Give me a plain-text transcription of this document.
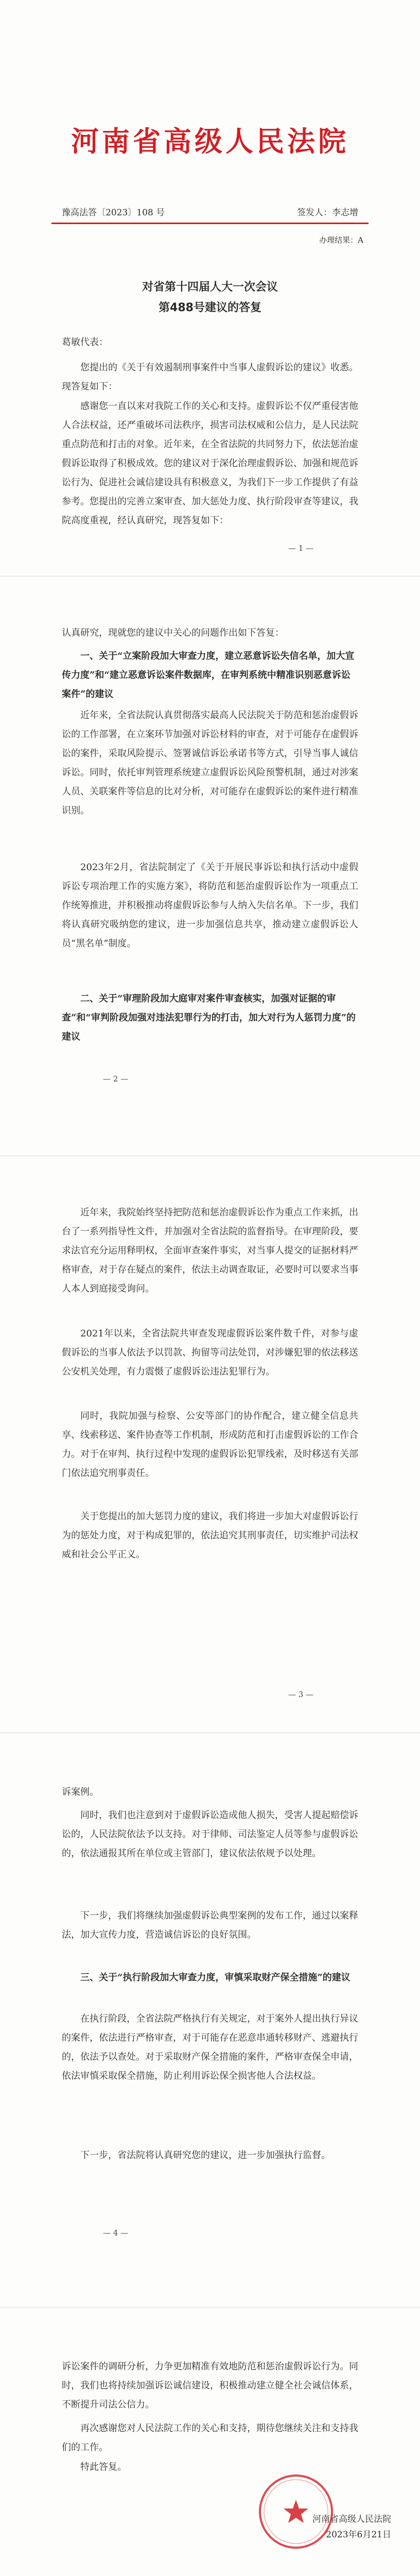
河南省高级人民法院
豫高法答〔2023〕108 号	签发人：李志增
办理结果：A
对省第十四届人大一次会议
第488号建议的答复
葛敏代表：

您提出的《关于有效遏制刑事案件中当事人虚假诉讼的建议》收悉。现答复如下：

感谢您一直以来对我院工作的关心和支持。虚假诉讼不仅严重侵害他人合法权益，还严重破坏司法秩序，损害司法权威和公信力，是人民法院重点防范和打击的对象。近年来，在全省法院的共同努力下，依法惩治虚假诉讼取得了积极成效。您的建议对于深化治理虚假诉讼、加强和规范诉讼行为、促进社会诚信建设具有积极意义，为我们下一步工作提供了有益参考。您提出的完善立案审查、加大惩处力度、执行阶段审查等建议，我院高度重视，经认真研究，现答复如下：

— 1 —

认真研究，现就您的建议中关心的问题作出如下答复：

一、关于“立案阶段加大审查力度，建立恶意诉讼失信名单，加大宣传力度”和“建立恶意诉讼案件数据库，在审判系统中精准识别恶意诉讼案件”的建议

近年来，全省法院认真贯彻落实最高人民法院关于防范和惩治虚假诉讼的工作部署，在立案环节加强对诉讼材料的审查，对于可能存在虚假诉讼的案件，采取风险提示、签署诚信诉讼承诺书等方式，引导当事人诚信诉讼。同时，依托审判管理系统建立虚假诉讼风险预警机制，通过对涉案人员、关联案件等信息的比对分析，对可能存在虚假诉讼的案件进行精准识别。

2023年2月，省法院制定了《关于开展民事诉讼和执行活动中虚假诉讼专项治理工作的实施方案》，将防范和惩治虚假诉讼作为一项重点工作统筹推进，并积极推动将虚假诉讼参与人纳入失信名单。下一步，我们将认真研究吸纳您的建议，进一步加强信息共享，推动建立虚假诉讼人员“黑名单”制度。

二、关于“审理阶段加大庭审对案件审查核实，加强对证据的审查”和“审判阶段加强对违法犯罪行为的打击，加大对行为人惩罚力度”的建议

— 2 —

近年来，我院始终坚持把防范和惩治虚假诉讼作为重点工作来抓，出台了一系列指导性文件，并加强对全省法院的监督指导。在审理阶段，要求法官充分运用释明权，全面审查案件事实，对当事人提交的证据材料严格审查，对于存在疑点的案件，依法主动调查取证，必要时可以要求当事人本人到庭接受询问。

2021年以来，全省法院共审查发现虚假诉讼案件数千件，对参与虚假诉讼的当事人依法予以罚款、拘留等司法处罚，对涉嫌犯罪的依法移送公安机关处理，有力震慑了虚假诉讼违法犯罪行为。

同时，我院加强与检察、公安等部门的协作配合，建立健全信息共享、线索移送、案件协查等工作机制，形成防范和打击虚假诉讼的工作合力。对于在审判、执行过程中发现的虚假诉讼犯罪线索，及时移送有关部门依法追究刑事责任。

关于您提出的加大惩罚力度的建议，我们将进一步加大对虚假诉讼行为的惩处力度，对于构成犯罪的，依法追究其刑事责任，切实维护司法权威和社会公平正义。

— 3 —

诉案例。

同时，我们也注意到对于虚假诉讼造成他人损失，受害人提起赔偿诉讼的，人民法院依法予以支持。对于律师、司法鉴定人员等参与虚假诉讼的，依法通报其所在单位或主管部门，建议依法依规予以处理。

下一步，我们将继续加强虚假诉讼典型案例的发布工作，通过以案释法，加大宣传力度，营造诚信诉讼的良好氛围。

三、关于“执行阶段加大审查力度，审慎采取财产保全措施”的建议

在执行阶段，全省法院严格执行有关规定，对于案外人提出执行异议的案件，依法进行严格审查，对于可能存在恶意串通转移财产、逃避执行的，依法予以查处。对于采取财产保全措施的案件，严格审查保全申请，依法审慎采取保全措施，防止利用诉讼保全损害他人合法权益。

下一步，省法院将认真研究您的建议，进一步加强执行监督。

— 4 —

诉讼案件的调研分析，力争更加精准有效地防范和惩治虚假诉讼行为。同时，我们也将持续加强诉讼诚信建设，积极推动建立健全社会诚信体系，不断提升司法公信力。

再次感谢您对人民法院工作的关心和支持，期待您继续关注和支持我们的工作。

特此答复。

河南省高级人民法院
2023年6月21日
